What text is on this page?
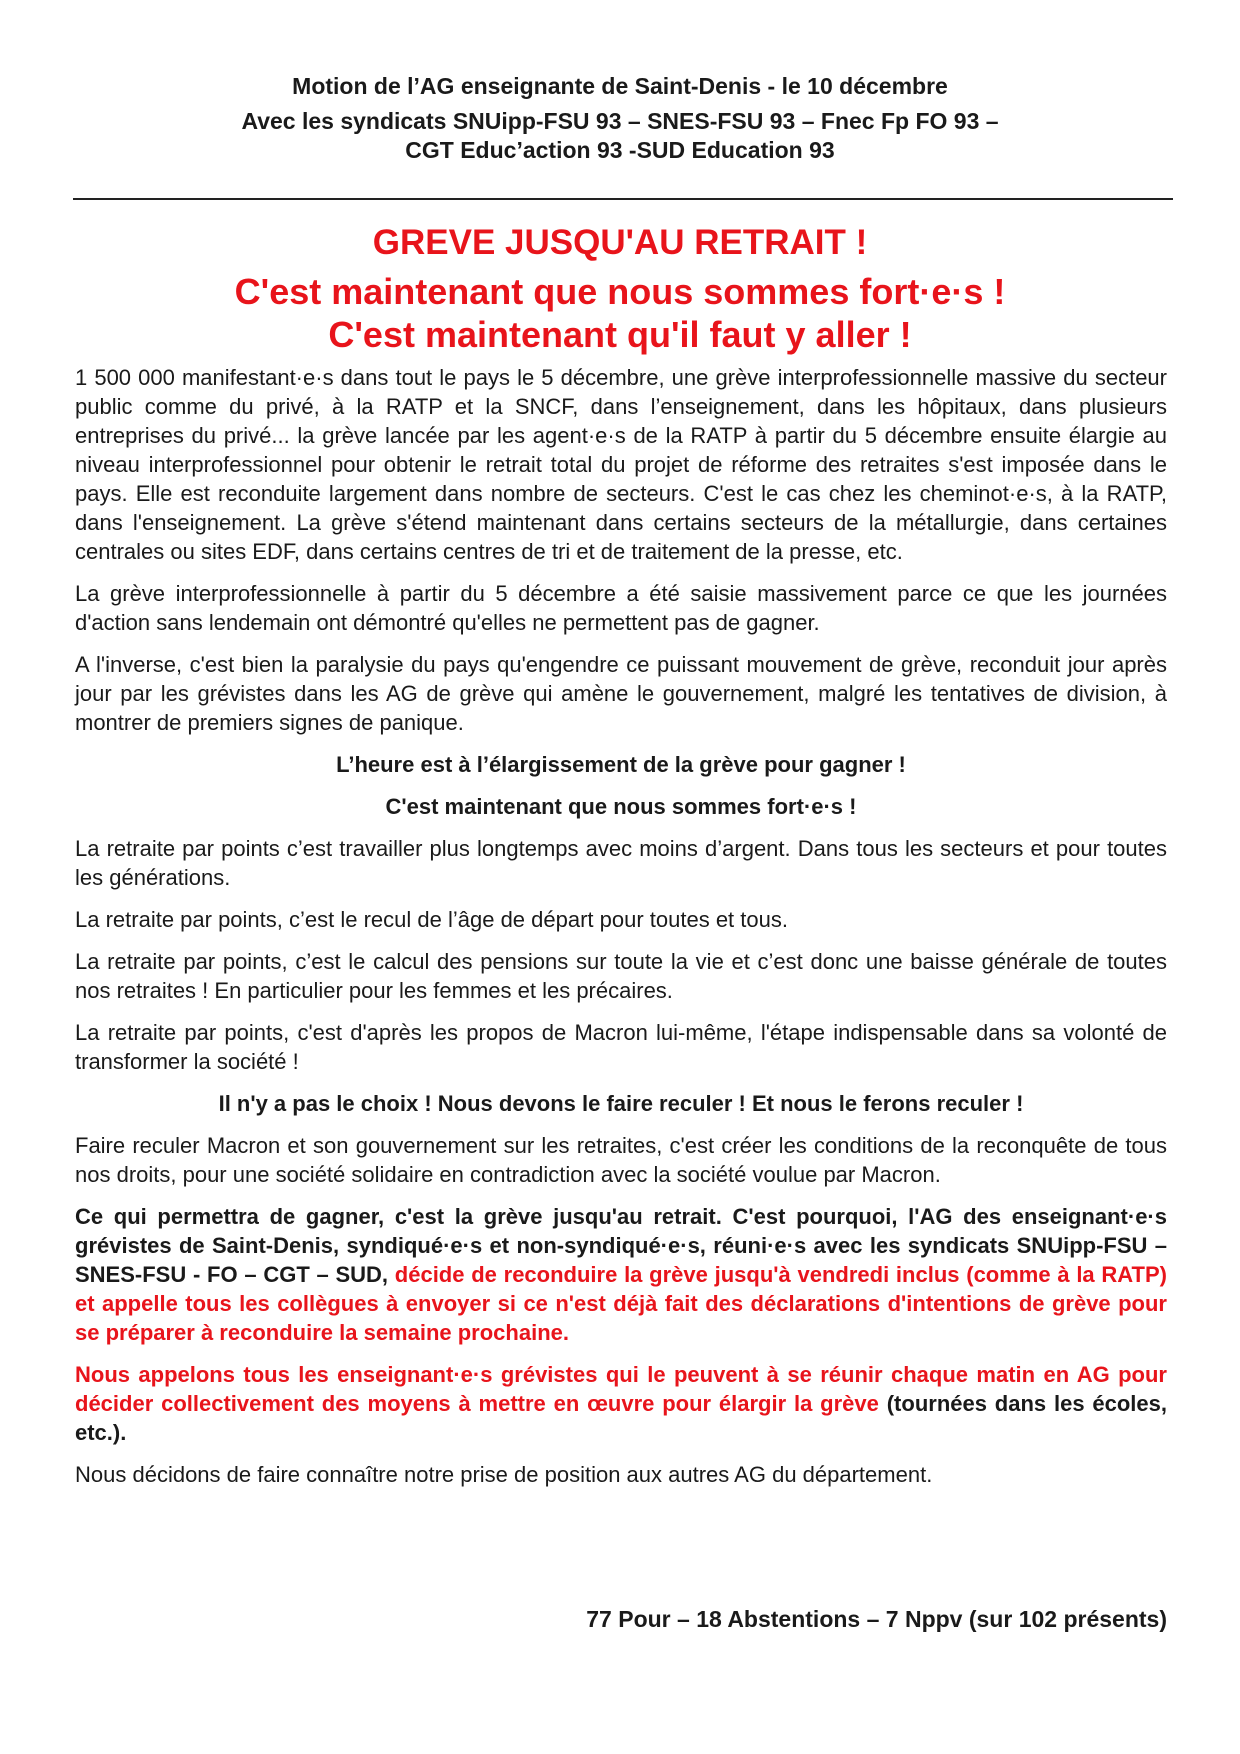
Motion de l’AG enseignante de Saint-Denis - le 10 décembre
Avec les syndicats SNUipp-FSU 93 – SNES-FSU 93 – Fnec Fp FO 93 –
CGT Educ’action 93 -SUD Education 93
GREVE JUSQU'AU RETRAIT !
C'est maintenant que nous sommes fort·e·s ! C'est maintenant qu'il faut y aller !

1 500 000 manifestant·e·s dans tout le pays le 5 décembre, une grève interprofessionnelle massive du secteur public comme du privé, à la RATP et la SNCF, dans l’enseignement, dans les hôpitaux, dans plusieurs entreprises du privé... la grève lancée par les agent·e·s de la RATP à partir du 5 décembre ensuite élargie au niveau interprofessionnel pour obtenir le retrait total du projet de réforme des retraites s'est imposée dans le pays. Elle est reconduite largement dans nombre de secteurs. C'est le cas chez les cheminot·e·s, à la RATP, dans l'enseignement. La grève s'étend maintenant dans certains secteurs de la métallurgie, dans certaines centrales ou sites EDF, dans certains centres de tri et de traitement de la presse, etc.

La grève interprofessionnelle à partir du 5 décembre a été saisie massivement parce ce que les journées d'action sans lendemain ont démontré qu'elles ne permettent pas de gagner.

A l'inverse, c'est bien la paralysie du pays qu'engendre ce puissant mouvement de grève, reconduit jour après jour par les grévistes dans les AG de grève qui amène le gouvernement, malgré les tentatives de division, à montrer de premiers signes de panique.

L’heure est à l’élargissement de la grève pour gagner !

C'est maintenant que nous sommes fort·e·s !

La retraite par points c’est travailler plus longtemps avec moins d’argent. Dans tous les secteurs et pour toutes les générations.

La retraite par points, c’est le recul de l’âge de départ pour toutes et tous.

La retraite par points, c’est le calcul des pensions sur toute la vie et c’est donc une baisse générale de toutes nos retraites ! En particulier pour les femmes et les précaires.

La retraite par points, c'est d'après les propos de Macron lui-même, l'étape indispensable dans sa volonté de transformer la société !

Il n'y a pas le choix ! Nous devons le faire reculer ! Et nous le ferons reculer !

Faire reculer Macron et son gouvernement sur les retraites, c'est créer les conditions de la reconquête de tous nos droits, pour une société solidaire en contradiction avec la société voulue par Macron.

Ce qui permettra de gagner, c'est la grève jusqu'au retrait. C'est pourquoi, l'AG des enseignant·e·s grévistes de Saint-Denis, syndiqué·e·s et non-syndiqué·e·s, réuni·e·s avec les syndicats SNUipp-FSU – SNES-FSU - FO – CGT – SUD, décide de reconduire la grève jusqu'à vendredi inclus (comme à la RATP) et appelle tous les collègues à envoyer si ce n'est déjà fait des déclarations d'intentions de grève pour se préparer à reconduire la semaine prochaine.

Nous appelons tous les enseignant·e·s grévistes qui le peuvent à se réunir chaque matin en AG pour décider collectivement des moyens à mettre en œuvre pour élargir la grève (tournées dans les écoles, etc.).

Nous décidons de faire connaître notre prise de position aux autres AG du département.

77 Pour – 18 Abstentions – 7 Nppv (sur 102 présents)
